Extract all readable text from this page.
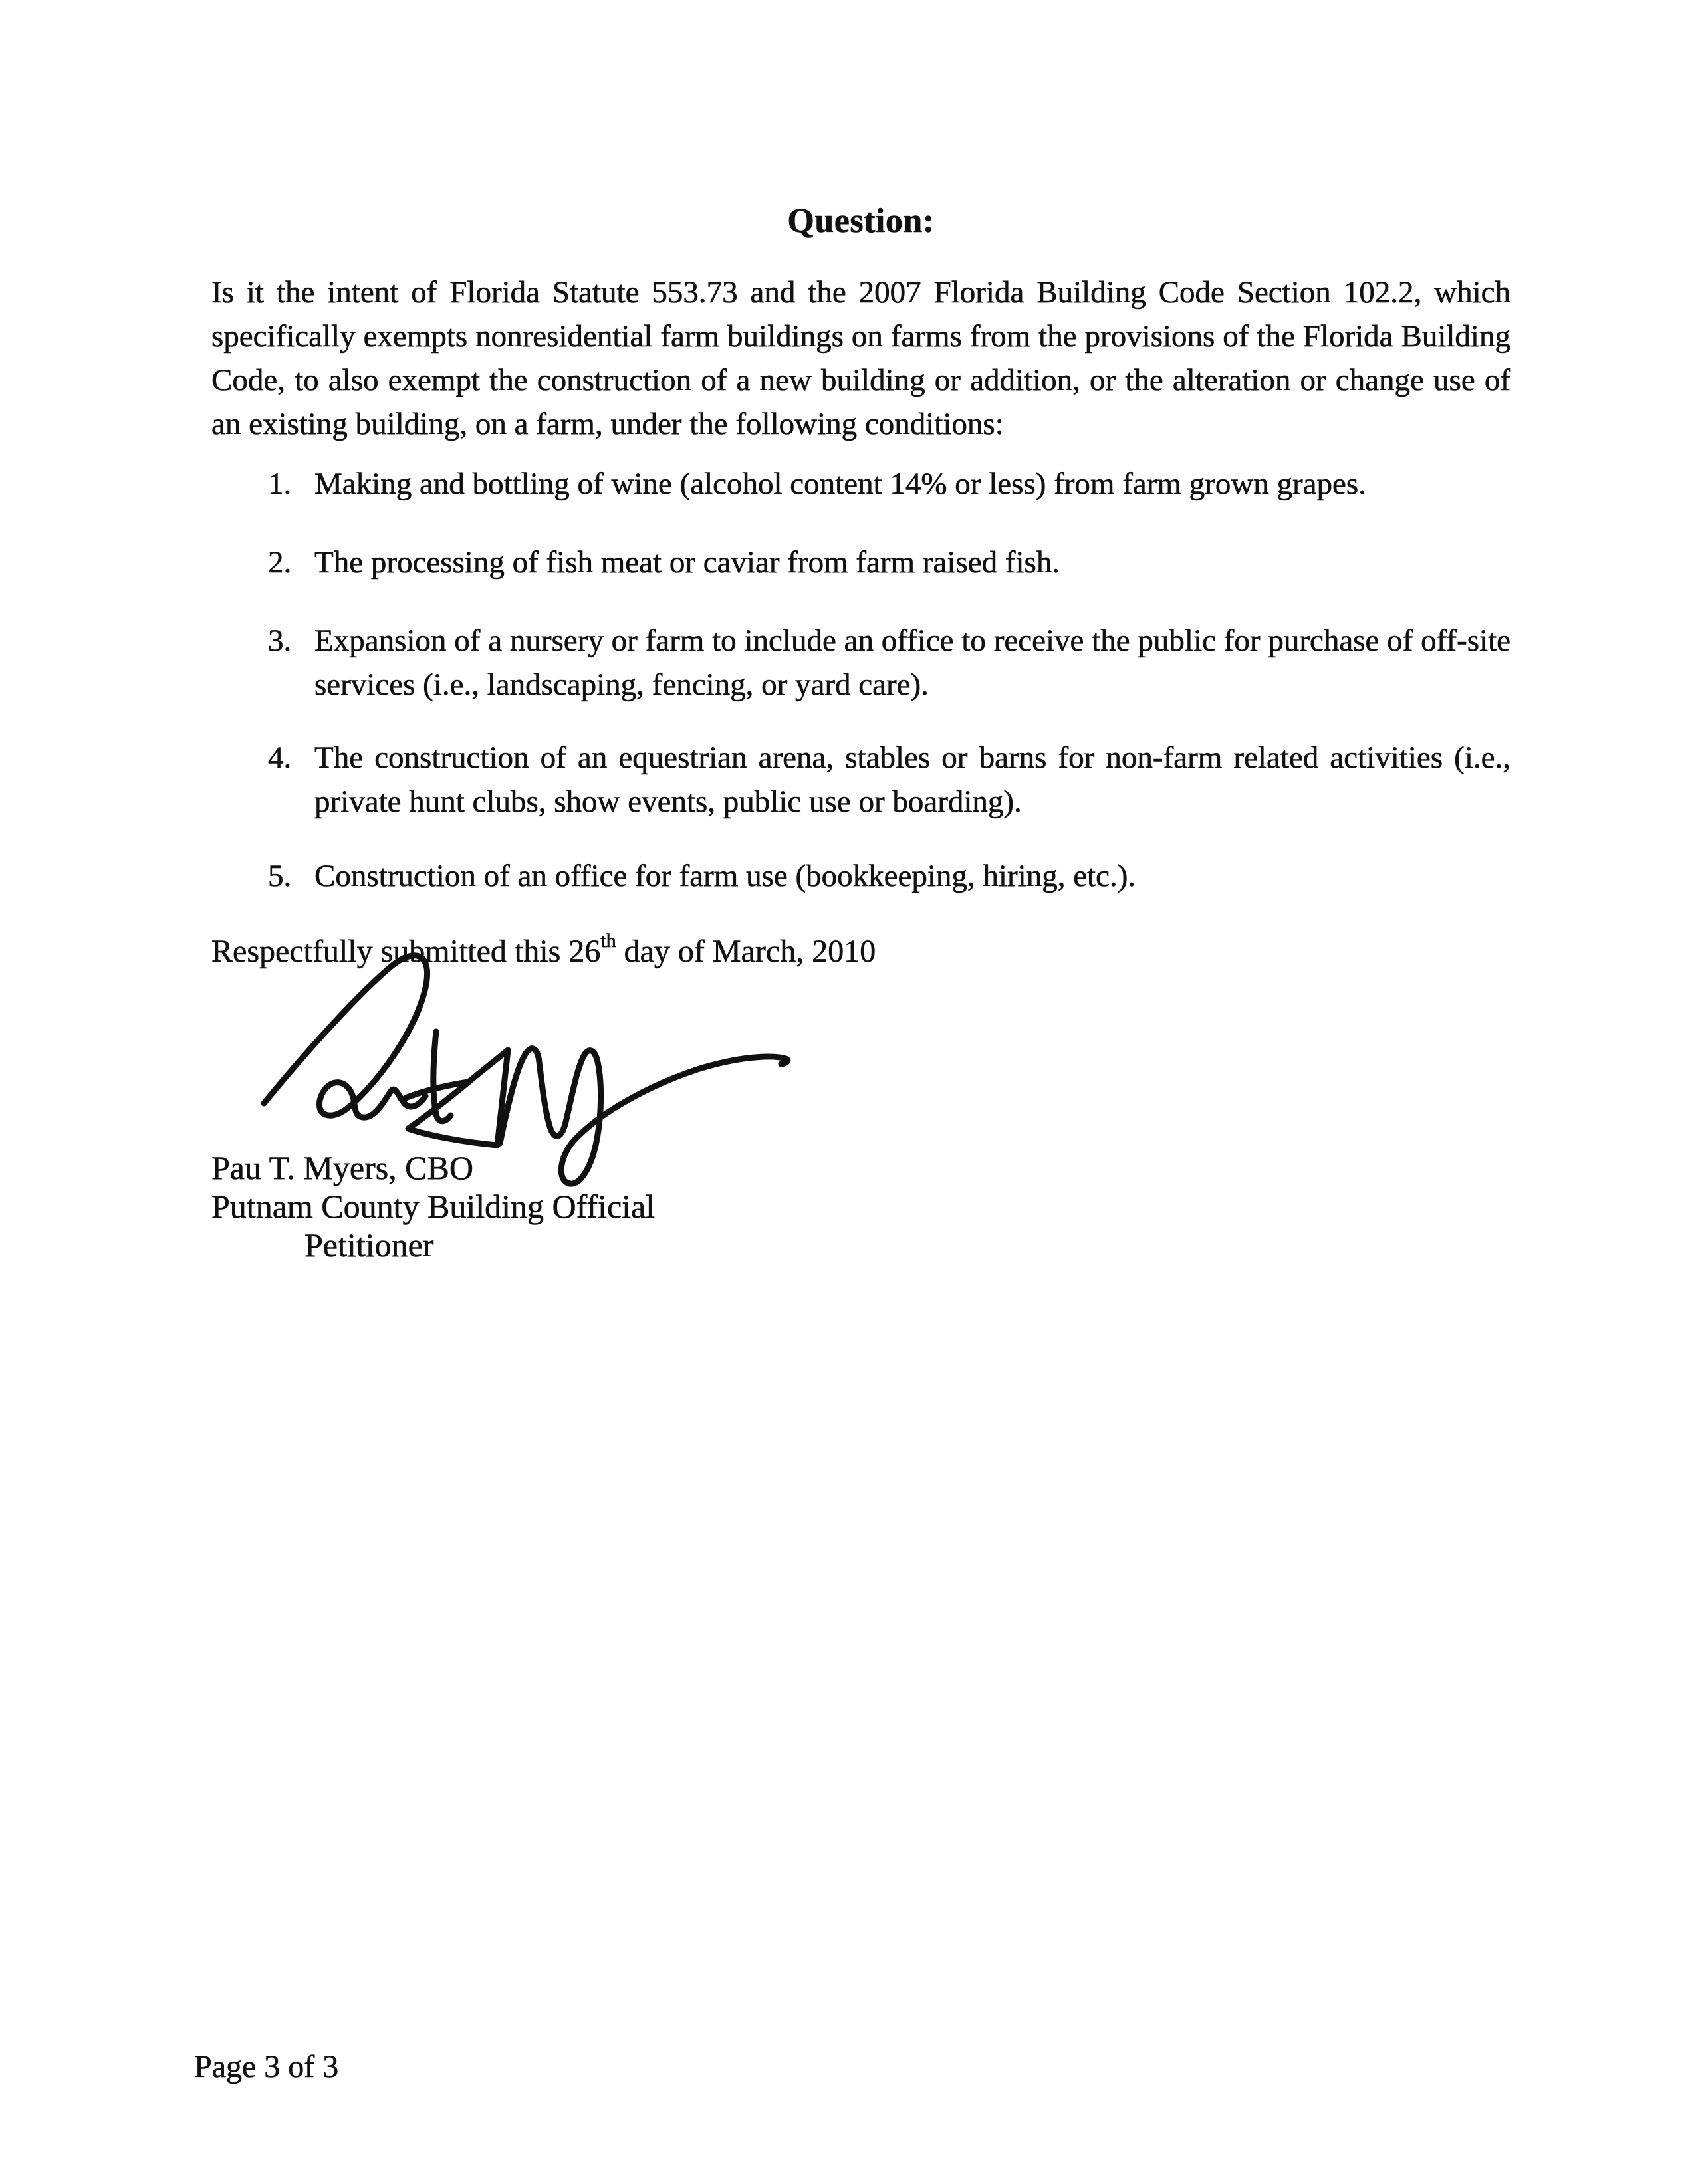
Question:

Is it the intent of Florida Statute 553.73 and the 2007 Florida Building Code Section 102.2, which specifically exempts nonresidential farm buildings on farms from the provisions of the Florida Building Code, to also exempt the construction of a new building or addition, or the alteration or change use of an existing building, on a farm, under the following conditions:

1. Making and bottling of wine (alcohol content 14% or less) from farm grown grapes.
2. The processing of fish meat or caviar from farm raised fish.
3. Expansion of a nursery or farm to include an office to receive the public for purchase of off-site services (i.e., landscaping, fencing, or yard care).
4. The construction of an equestrian arena, stables or barns for non-farm related activities (i.e., private hunt clubs, show events, public use or boarding).
5. Construction of an office for farm use (bookkeeping, hiring, etc.).
Respectfully submitted this 26th day of March, 2010
Pau T. Myers, CBO
Putnam County Building Official
Petitioner
Page 3 of 3
